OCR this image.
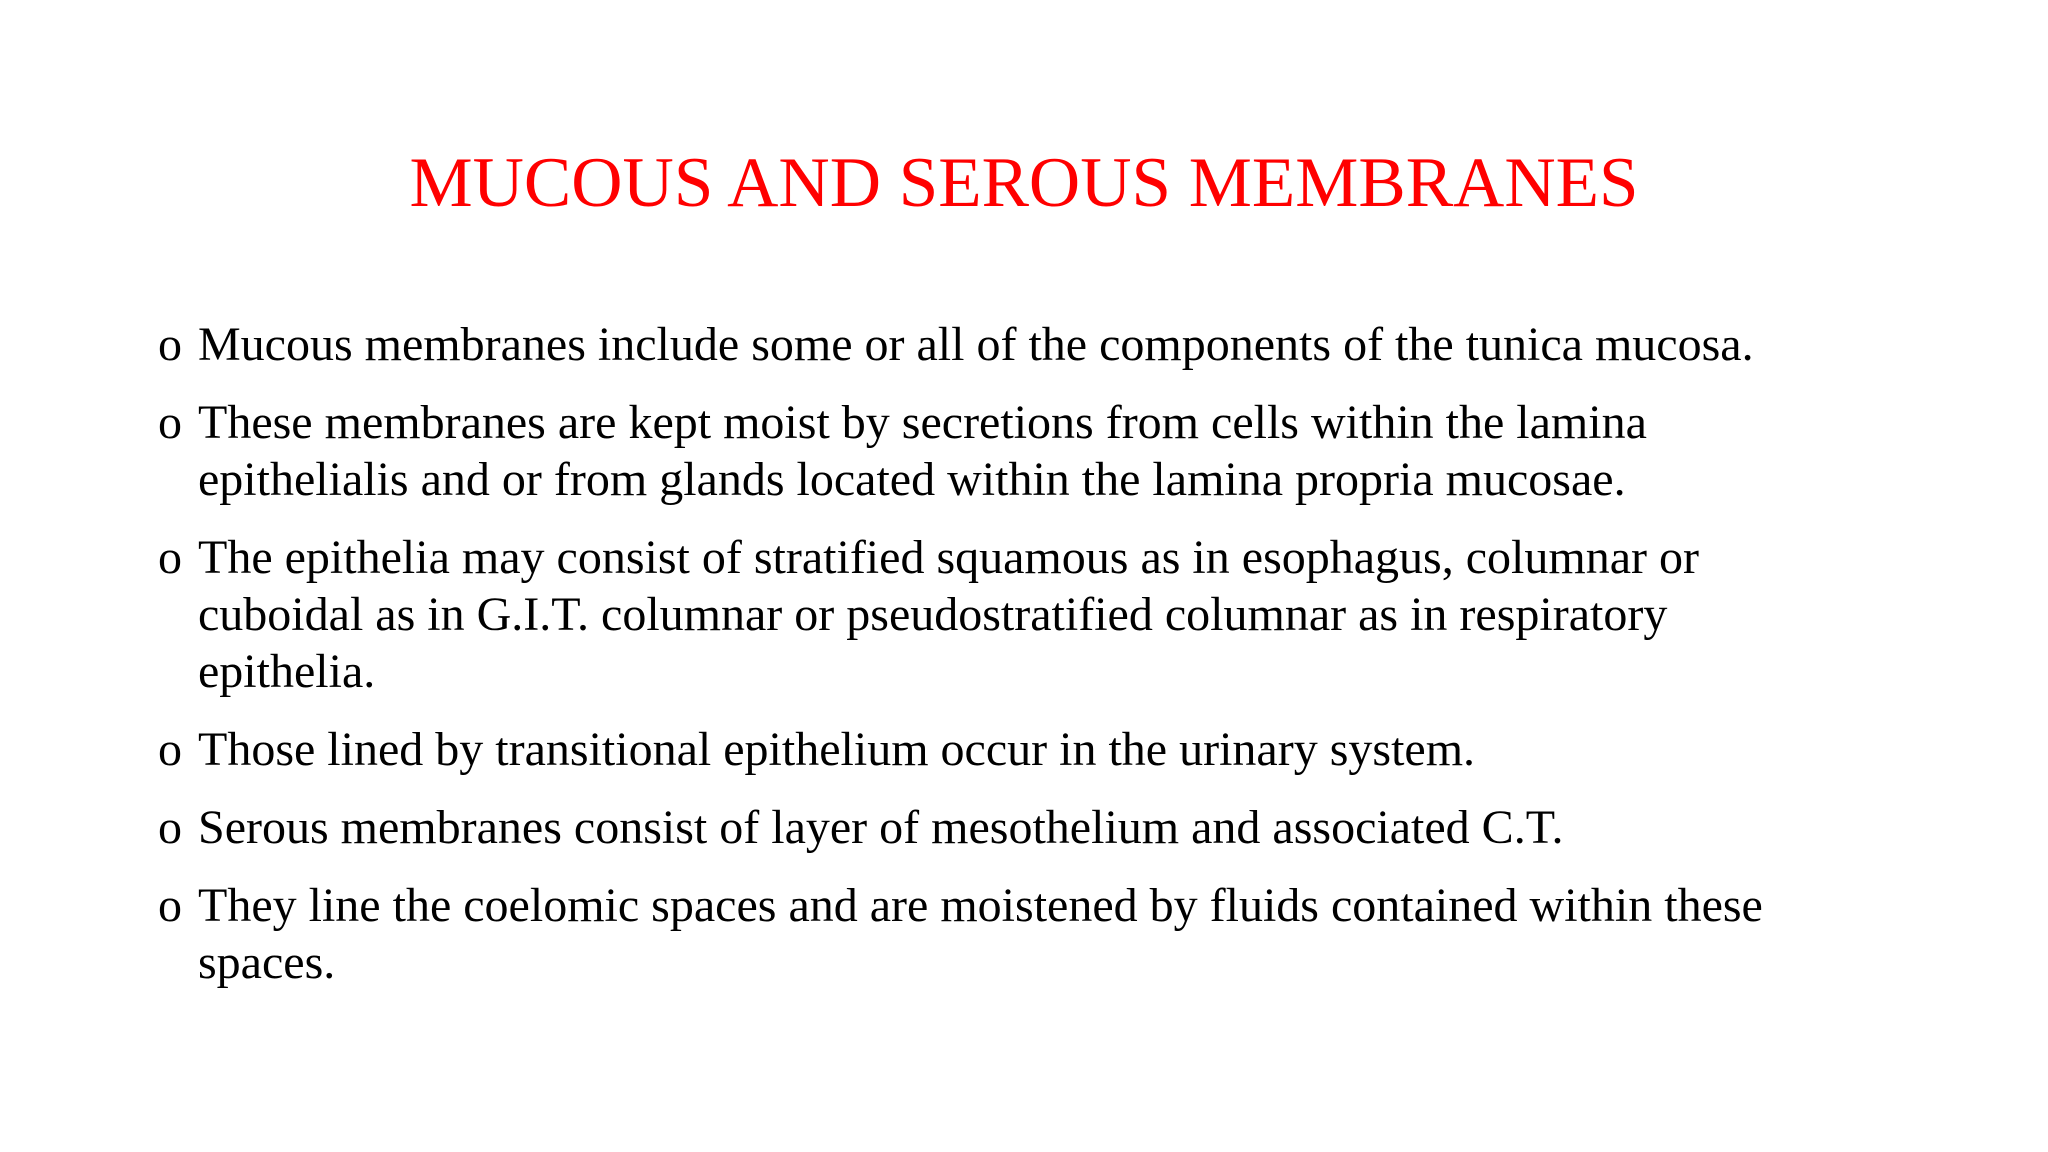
MUCOUS AND SEROUS MEMBRANES
o Mucous membranes include some or all of the components of the tunica mucosa.
o These membranes are kept moist by secretions from cells within the lamina
epithelialis and or from glands located within the lamina propria mucosae.
o The epithelia may consist of stratified squamous as in esophagus, columnar or
cuboidal as in G.I.T. columnar or pseudostratified columnar as in respiratory
epithelia.
o Those lined by transitional epithelium occur in the urinary system.
o Serous membranes consist of layer of mesothelium and associated C.T.
o They line the coelomic spaces and are moistened by fluids contained within these
spaces.
